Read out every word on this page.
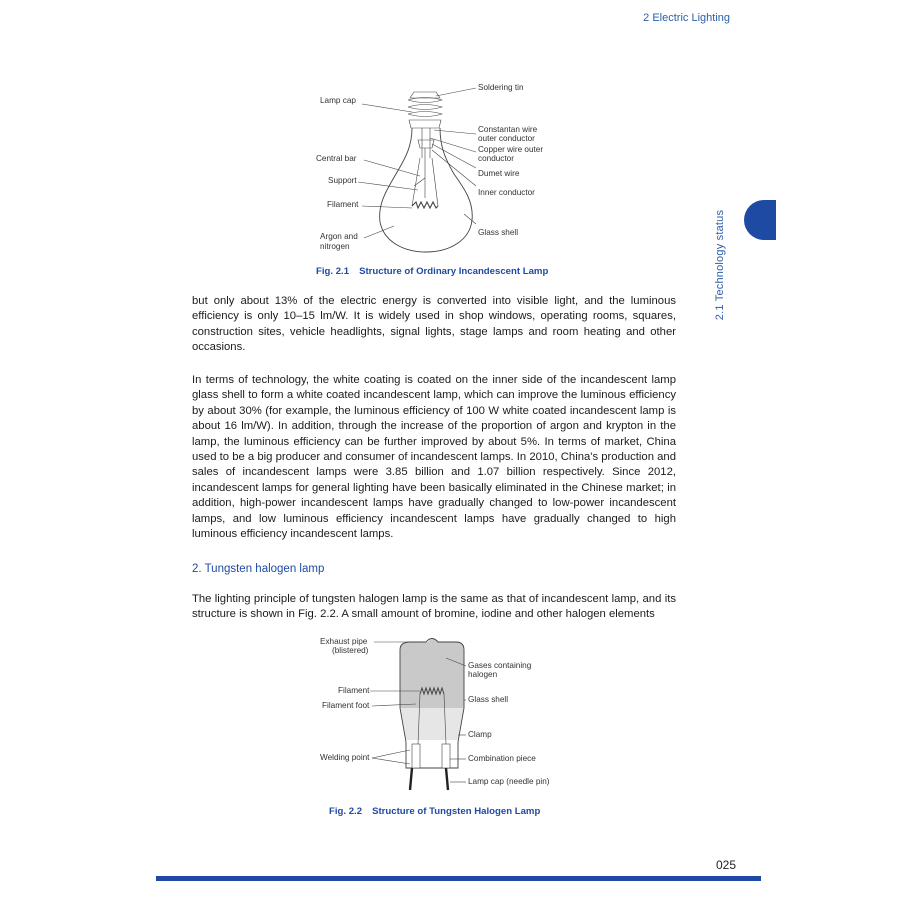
2 Electric Lighting
2.1 Technology status
Lamp cap
Central bar
Support
Filament
Argon and
nitrogen
Soldering tin
Constantan wire
outer conductor
Copper wire outer
conductor
Dumet wire
Inner conductor
Glass shell
Fig. 2.1 Structure of Ordinary Incandescent Lamp
but only about 13% of the electric energy is converted into visible light, and the luminous efficiency is only 10–15 lm/W. It is widely used in shop windows, operating rooms, squares, construction sites, vehicle headlights, signal lights, stage lamps and room heating and other occasions.
In terms of technology, the white coating is coated on the inner side of the incandescent lamp glass shell to form a white coated incandescent lamp, which can improve the luminous efficiency by about 30% (for example, the luminous efficiency of 100 W white coated incandescent lamp is about 16 lm/W). In addition, through the increase of the proportion of argon and krypton in the lamp, the luminous efficiency can be further improved by about 5%. In terms of market, China used to be a big producer and consumer of incandescent lamps. In 2010, China's production and sales of incandescent lamps were 3.85 billion and 1.07 billion respectively. Since 2012, incandescent lamps for general lighting have been basically eliminated in the Chinese market; in addition, high-power incandescent lamps have gradually changed to low-power incandescent lamps, and low luminous efficiency incandescent lamps have gradually changed to high luminous efficiency incandescent lamps.
2. Tungsten halogen lamp
The lighting principle of tungsten halogen lamp is the same as that of incandescent lamp, and its structure is shown in Fig. 2.2. A small amount of bromine, iodine and other halogen elements
Exhaust pipe
(blistered)
Filament
Filament foot
Welding point
Gases containing
halogen
Glass shell
Clamp
Combination piece
Lamp cap (needle pin)
Fig. 2.2 Structure of Tungsten Halogen Lamp
025
